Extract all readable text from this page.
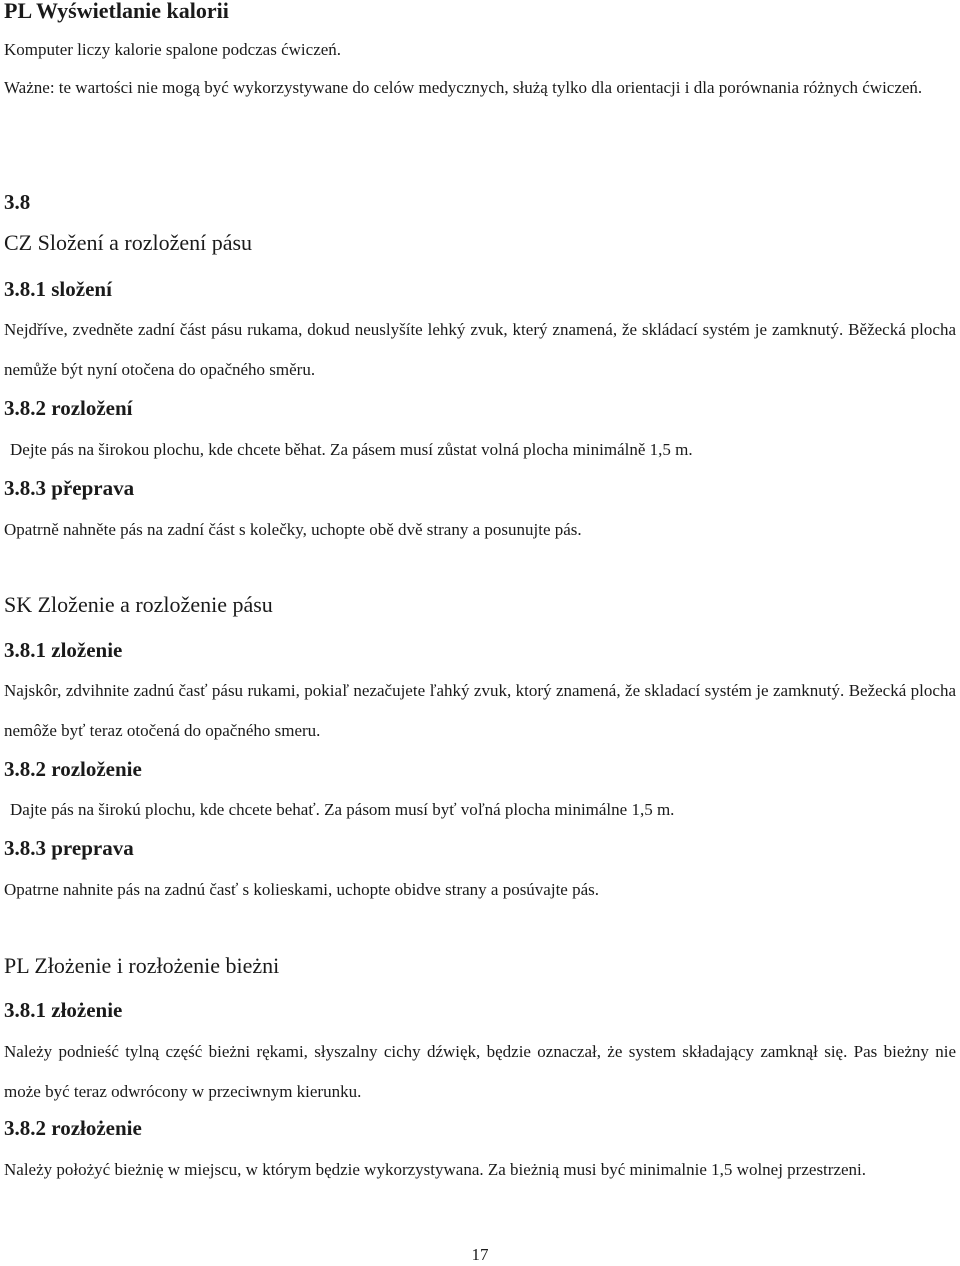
PL Wyświetlanie kalorii

Komputer liczy kalorie spalone podczas ćwiczeń.

Ważne: te wartości nie mogą być wykorzystywane do celów medycznych, służą tylko dla orientacji i dla porównania różnych ćwiczeń.

3.8
CZ Složení a rozložení pásu
3.8.1 složení

Nejdříve, zvedněte zadní část pásu rukama, dokud neuslyšíte lehký zvuk, který znamená, že skládací systém je zamknutý. Běžecká plocha nemůže být nyní otočena do opačného směru.

3.8.2 rozložení

Dejte pás na širokou plochu, kde chcete běhat. Za pásem musí zůstat volná plocha minimálně 1,5 m.

3.8.3 přeprava

Opatrně nahněte pás na zadní část s kolečky, uchopte obě dvě strany a posunujte pás.

SK Zloženie a rozloženie pásu
3.8.1 zloženie

Najskôr, zdvihnite zadnú časť pásu rukami, pokiaľ nezačujete ľahký zvuk, ktorý znamená, že skladací systém je zamknutý. Bežecká plocha nemôže byť teraz otočená do opačného smeru.

3.8.2 rozloženie

Dajte pás na širokú plochu, kde chcete behať. Za pásom musí byť voľná plocha minimálne 1,5 m.

3.8.3 preprava

Opatrne nahnite pás na zadnú časť s kolieskami, uchopte obidve strany a posúvajte pás.

PL Złożenie i rozłożenie bieżni
3.8.1 złożenie

Należy podnieść tylną część bieżni rękami, słyszalny cichy dźwięk, będzie oznaczał, że system składający zamknął się. Pas bieżny nie może być teraz odwrócony w przeciwnym kierunku.

3.8.2 rozłożenie

Należy położyć bieżnię w miejscu, w którym będzie wykorzystywana. Za bieżnią musi być minimalnie 1,5 wolnej przestrzeni.

17
